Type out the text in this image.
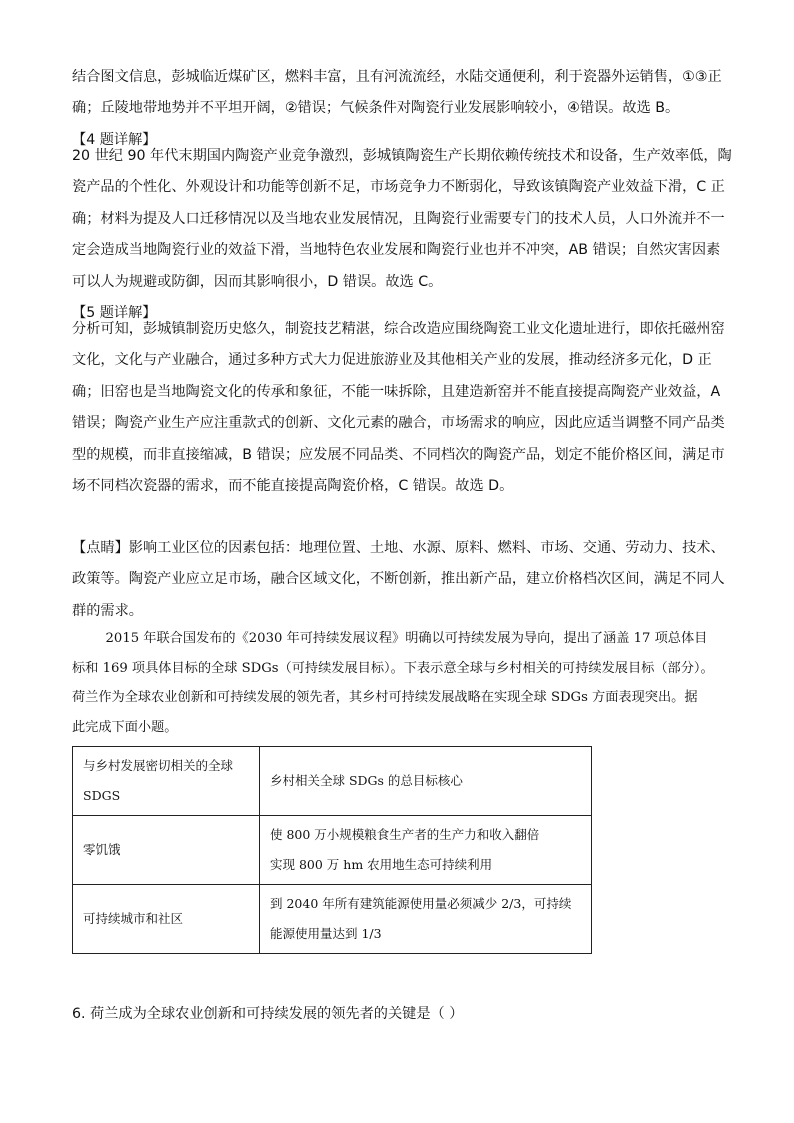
结合图文信息，彭城临近煤矿区，燃料丰富，且有河流流经，水陆交通便利，利于瓷器外运销售，①③正
确；丘陵地带地势并不平坦开阔，②错误；气候条件对陶瓷行业发展影响较小，④错误。故选 B。
【4 题详解】
20 世纪 90 年代末期国内陶瓷产业竞争激烈，彭城镇陶瓷生产长期依赖传统技术和设备，生产效率低，陶
瓷产品的个性化、外观设计和功能等创新不足，市场竞争力不断弱化，导致该镇陶瓷产业效益下滑，C 正
确；材料为提及人口迁移情况以及当地农业发展情况，且陶瓷行业需要专门的技术人员，人口外流并不一
定会造成当地陶瓷行业的效益下滑，当地特色农业发展和陶瓷行业也并不冲突，AB 错误；自然灾害因素
可以人为规避或防御，因而其影响很小，D 错误。故选 C。
【5 题详解】
分析可知，彭城镇制瓷历史悠久，制瓷技艺精湛，综合改造应围绕陶瓷工业文化遗址进行，即依托磁州窑
文化，文化与产业融合，通过多种方式大力促进旅游业及其他相关产业的发展，推动经济多元化，D 正
确；旧窑也是当地陶瓷文化的传承和象征，不能一味拆除，且建造新窑并不能直接提高陶瓷产业效益，A
错误；陶瓷产业生产应注重款式的创新、文化元素的融合，市场需求的响应，因此应适当调整不同产品类
型的规模，而非直接缩减，B 错误；应发展不同品类、不同档次的陶瓷产品，划定不能价格区间，满足市
场不同档次瓷器的需求，而不能直接提高陶瓷价格，C 错误。故选 D。
【点睛】影响工业区位的因素包括：地理位置、土地、水源、原料、燃料、市场、交通、劳动力、技术、
政策等。陶瓷产业应立足市场，融合区域文化，不断创新，推出新产品，建立价格档次区间，满足不同人
群的需求。
2015 年联合国发布的《2030 年可持续发展议程》明确以可持续发展为导向，提出了涵盖 17 项总体目
标和 169 项具体目标的全球 SDGs（可持续发展目标）。下表示意全球与乡村相关的可持续发展目标（部分）。
荷兰作为全球农业创新和可持续发展的领先者，其乡村可持续发展战略在实现全球 SDGs 方面表现突出。据
此完成下面小题。
与乡村发展密切相关的全球 SDGS	乡村相关全球 SDGs 的总目标核心
零饥饿	使 800 万小规模粮食生产者的生产力和收入翻倍
实现 800 万 hm 农用地生态可持续利用

可持续城市和社区	到 2040 年所有建筑能源使用量必须减少 2/3，可持续
能源使用量达到 1/3
6. 荷兰成为全球农业创新和可持续发展的领先者的关键是（ ）
